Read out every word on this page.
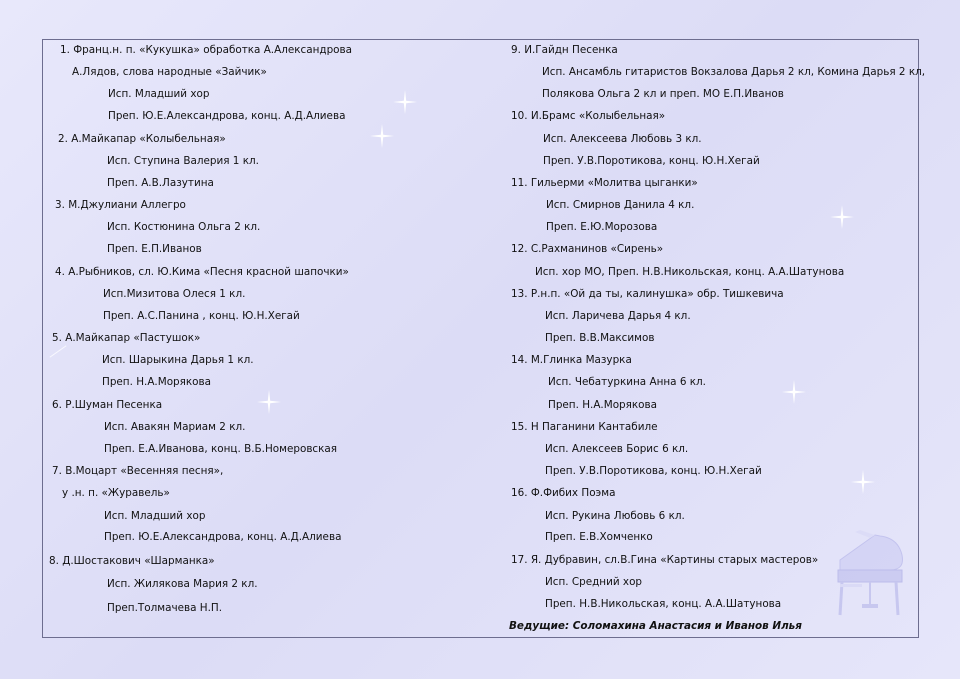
1. Франц.н. п. «Кукушка» обработка А.Александрова
А.Лядов, слова народные «Зайчик»
Исп. Младший хор
Преп. Ю.Е.Александрова, конц. А.Д.Алиева
2. А.Майкапар «Колыбельная»
Исп. Ступина Валерия 1 кл.
Преп. А.В.Лазутина
3. М.Джулиани Аллегро
Исп. Костюнина Ольга 2 кл.
Преп. Е.П.Иванов
4. А.Рыбников, сл. Ю.Кима «Песня красной шапочки»
Исп.Мизитова Олеся 1 кл.
Преп. А.С.Панина , конц. Ю.Н.Хегай
5. А.Майкапар «Пастушок»
Исп. Шарыкина Дарья 1 кл.
Преп. Н.А.Морякова
6. Р.Шуман Песенка
Исп. Авакян Мариам 2 кл.
Преп. Е.А.Иванова, конц. В.Б.Номеровская
7. В.Моцарт «Весенняя песня»,
у .н. п. «Журавель»
Исп. Младший хор
Преп. Ю.Е.Александрова, конц. А.Д.Алиева
8. Д.Шостакович «Шарманка»
Исп. Жилякова Мария 2 кл.
Преп.Толмачева Н.П.
9. И.Гайдн Песенка
Исп. Ансамбль гитаристов Вокзалова Дарья 2 кл, Комина Дарья 2 кл,
Полякова Ольга 2 кл и преп. МО Е.П.Иванов
10. И.Брамс «Колыбельная»
Исп. Алексеева Любовь 3 кл.
Преп. У.В.Поротикова, конц. Ю.Н.Хегай
11. Гильерми «Молитва цыганки»
Исп. Смирнов Данила 4 кл.
Преп. Е.Ю.Морозова
12. С.Рахманинов «Сирень»
Исп. хор МО, Преп. Н.В.Никольская, конц. А.А.Шатунова
13. Р.н.п. «Ой да ты, калинушка» обр. Тишкевича
Исп. Ларичева Дарья 4 кл.
Преп. В.В.Максимов
14. М.Глинка Мазурка
Исп. Чебатуркина Анна 6 кл.
Преп. Н.А.Морякова
15. Н Паганини Кантабиле
Исп. Алексеев Борис 6 кл.
Преп. У.В.Поротикова, конц. Ю.Н.Хегай
16. Ф.Фибих Поэма
Исп. Рукина Любовь 6 кл.
Преп. Е.В.Хомченко
17. Я. Дубравин, сл.В.Гина «Картины старых мастеров»
Исп. Средний хор
Преп. Н.В.Никольская, конц. А.А.Шатунова
Ведущие: Соломахина Анастасия и Иванов Илья
